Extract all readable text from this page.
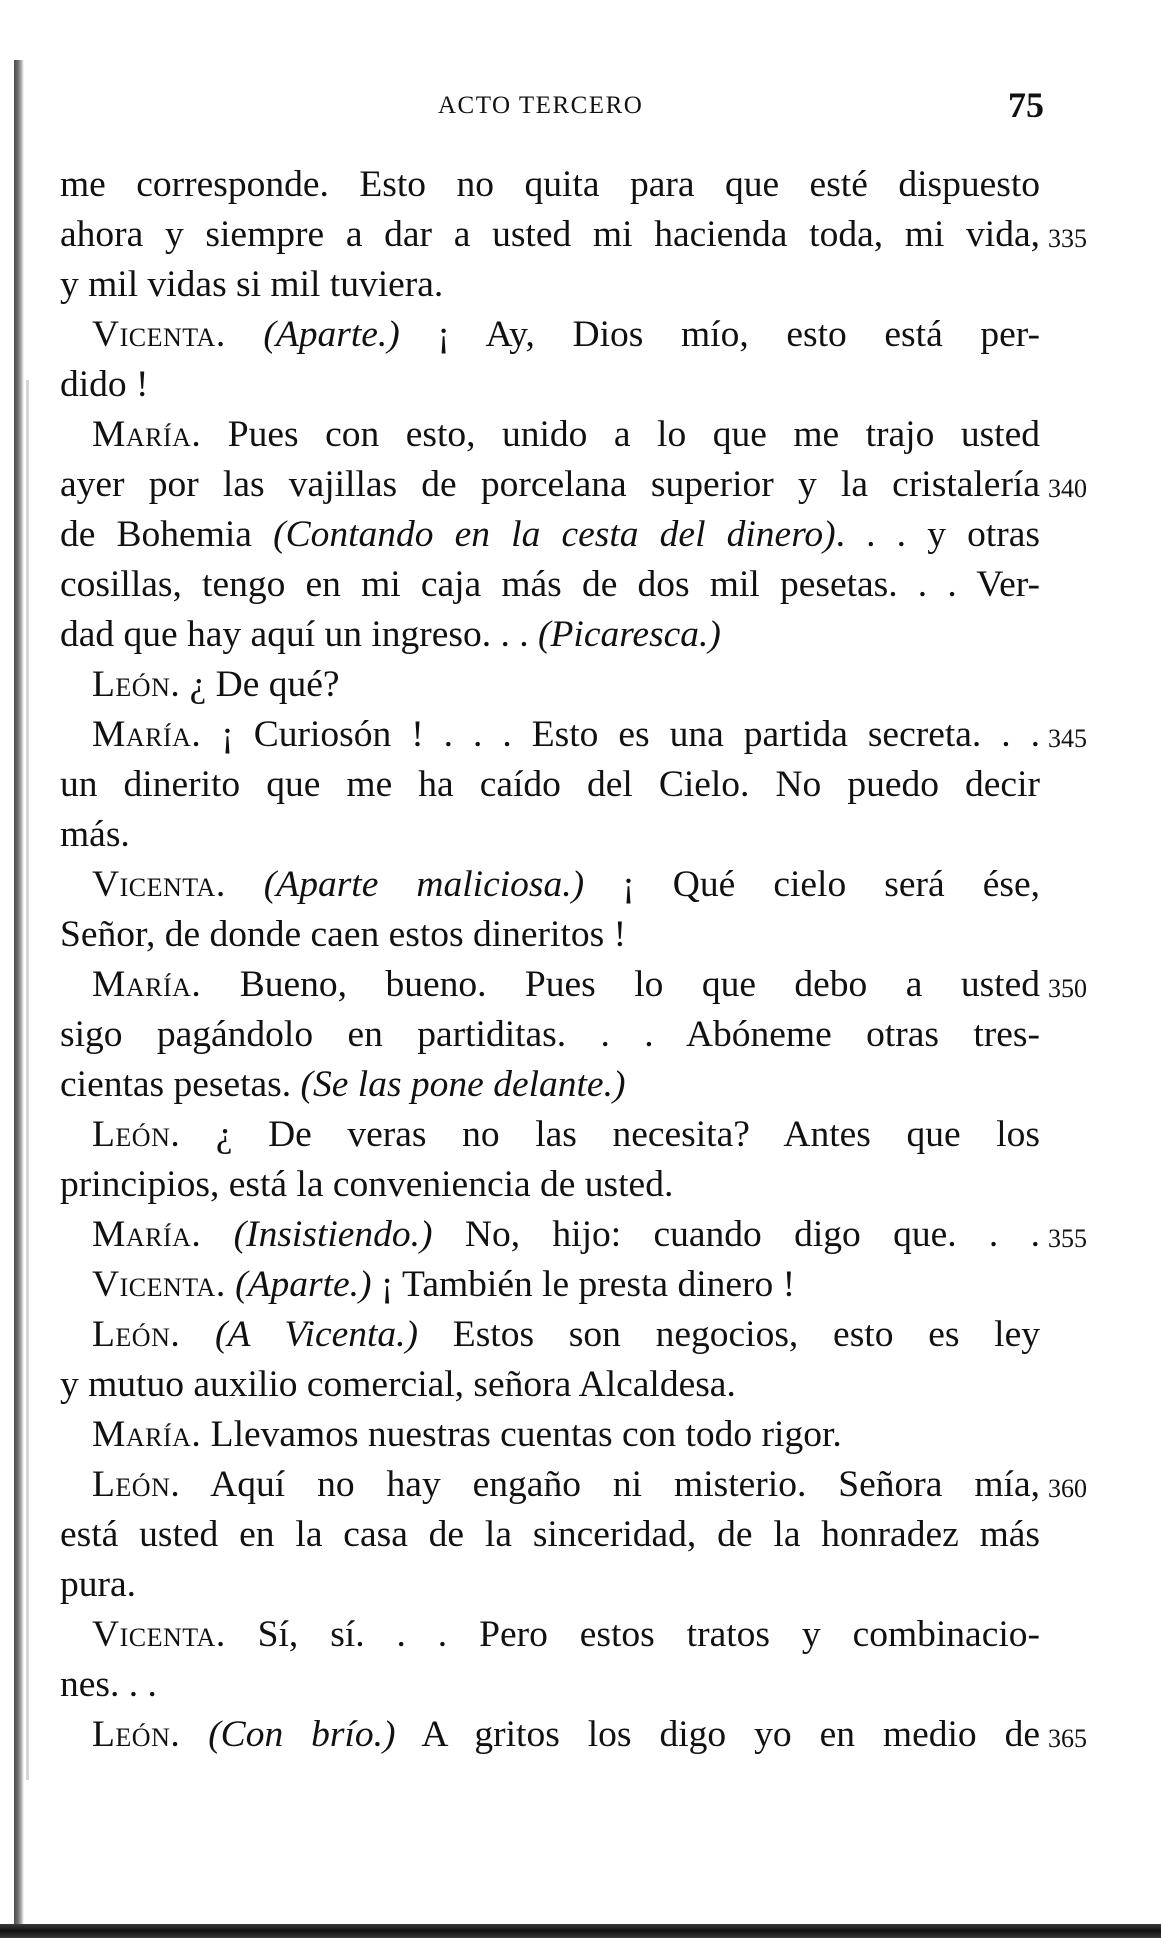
ACTO TERCERO	75
me corresponde. Esto no quita para que esté dispuesto
ahora y siempre a dar a usted mi hacienda toda, mi vida, 335
y mil vidas si mil tuviera.
Vicenta. (Aparte.) ¡ Ay, Dios mío, esto está per-
dido !
María. Pues con esto, unido a lo que me trajo usted
ayer por las vajillas de porcelana superior y la cristalería 340
de Bohemia (Contando en la cesta del dinero). . . y otras
cosillas, tengo en mi caja más de dos mil pesetas. . . Ver-
dad que hay aquí un ingreso. . . (Picaresca.)
León. ¿ De qué?
María. ¡ Curiosón ! . . . Esto es una partida secreta. . . 345
un dinerito que me ha caído del Cielo. No puedo decir
más.
Vicenta. (Aparte maliciosa.) ¡ Qué cielo será ése,
Señor, de donde caen estos dineritos !
María. Bueno, bueno. Pues lo que debo a usted 350
sigo pagándolo en partiditas. . . Abóneme otras tres-
cientas pesetas. (Se las pone delante.)
León. ¿ De veras no las necesita? Antes que los
principios, está la conveniencia de usted.
María. (Insistiendo.) No, hijo: cuando digo que. . . 355
Vicenta. (Aparte.) ¡ También le presta dinero !
León. (A Vicenta.) Estos son negocios, esto es ley
y mutuo auxilio comercial, señora Alcaldesa.
María. Llevamos nuestras cuentas con todo rigor.
León. Aquí no hay engaño ni misterio. Señora mía, 360
está usted en la casa de la sinceridad, de la honradez más
pura.
Vicenta. Sí, sí. . . Pero estos tratos y combinacio-
nes. . .
León. (Con brío.) A gritos los digo yo en medio de 365
